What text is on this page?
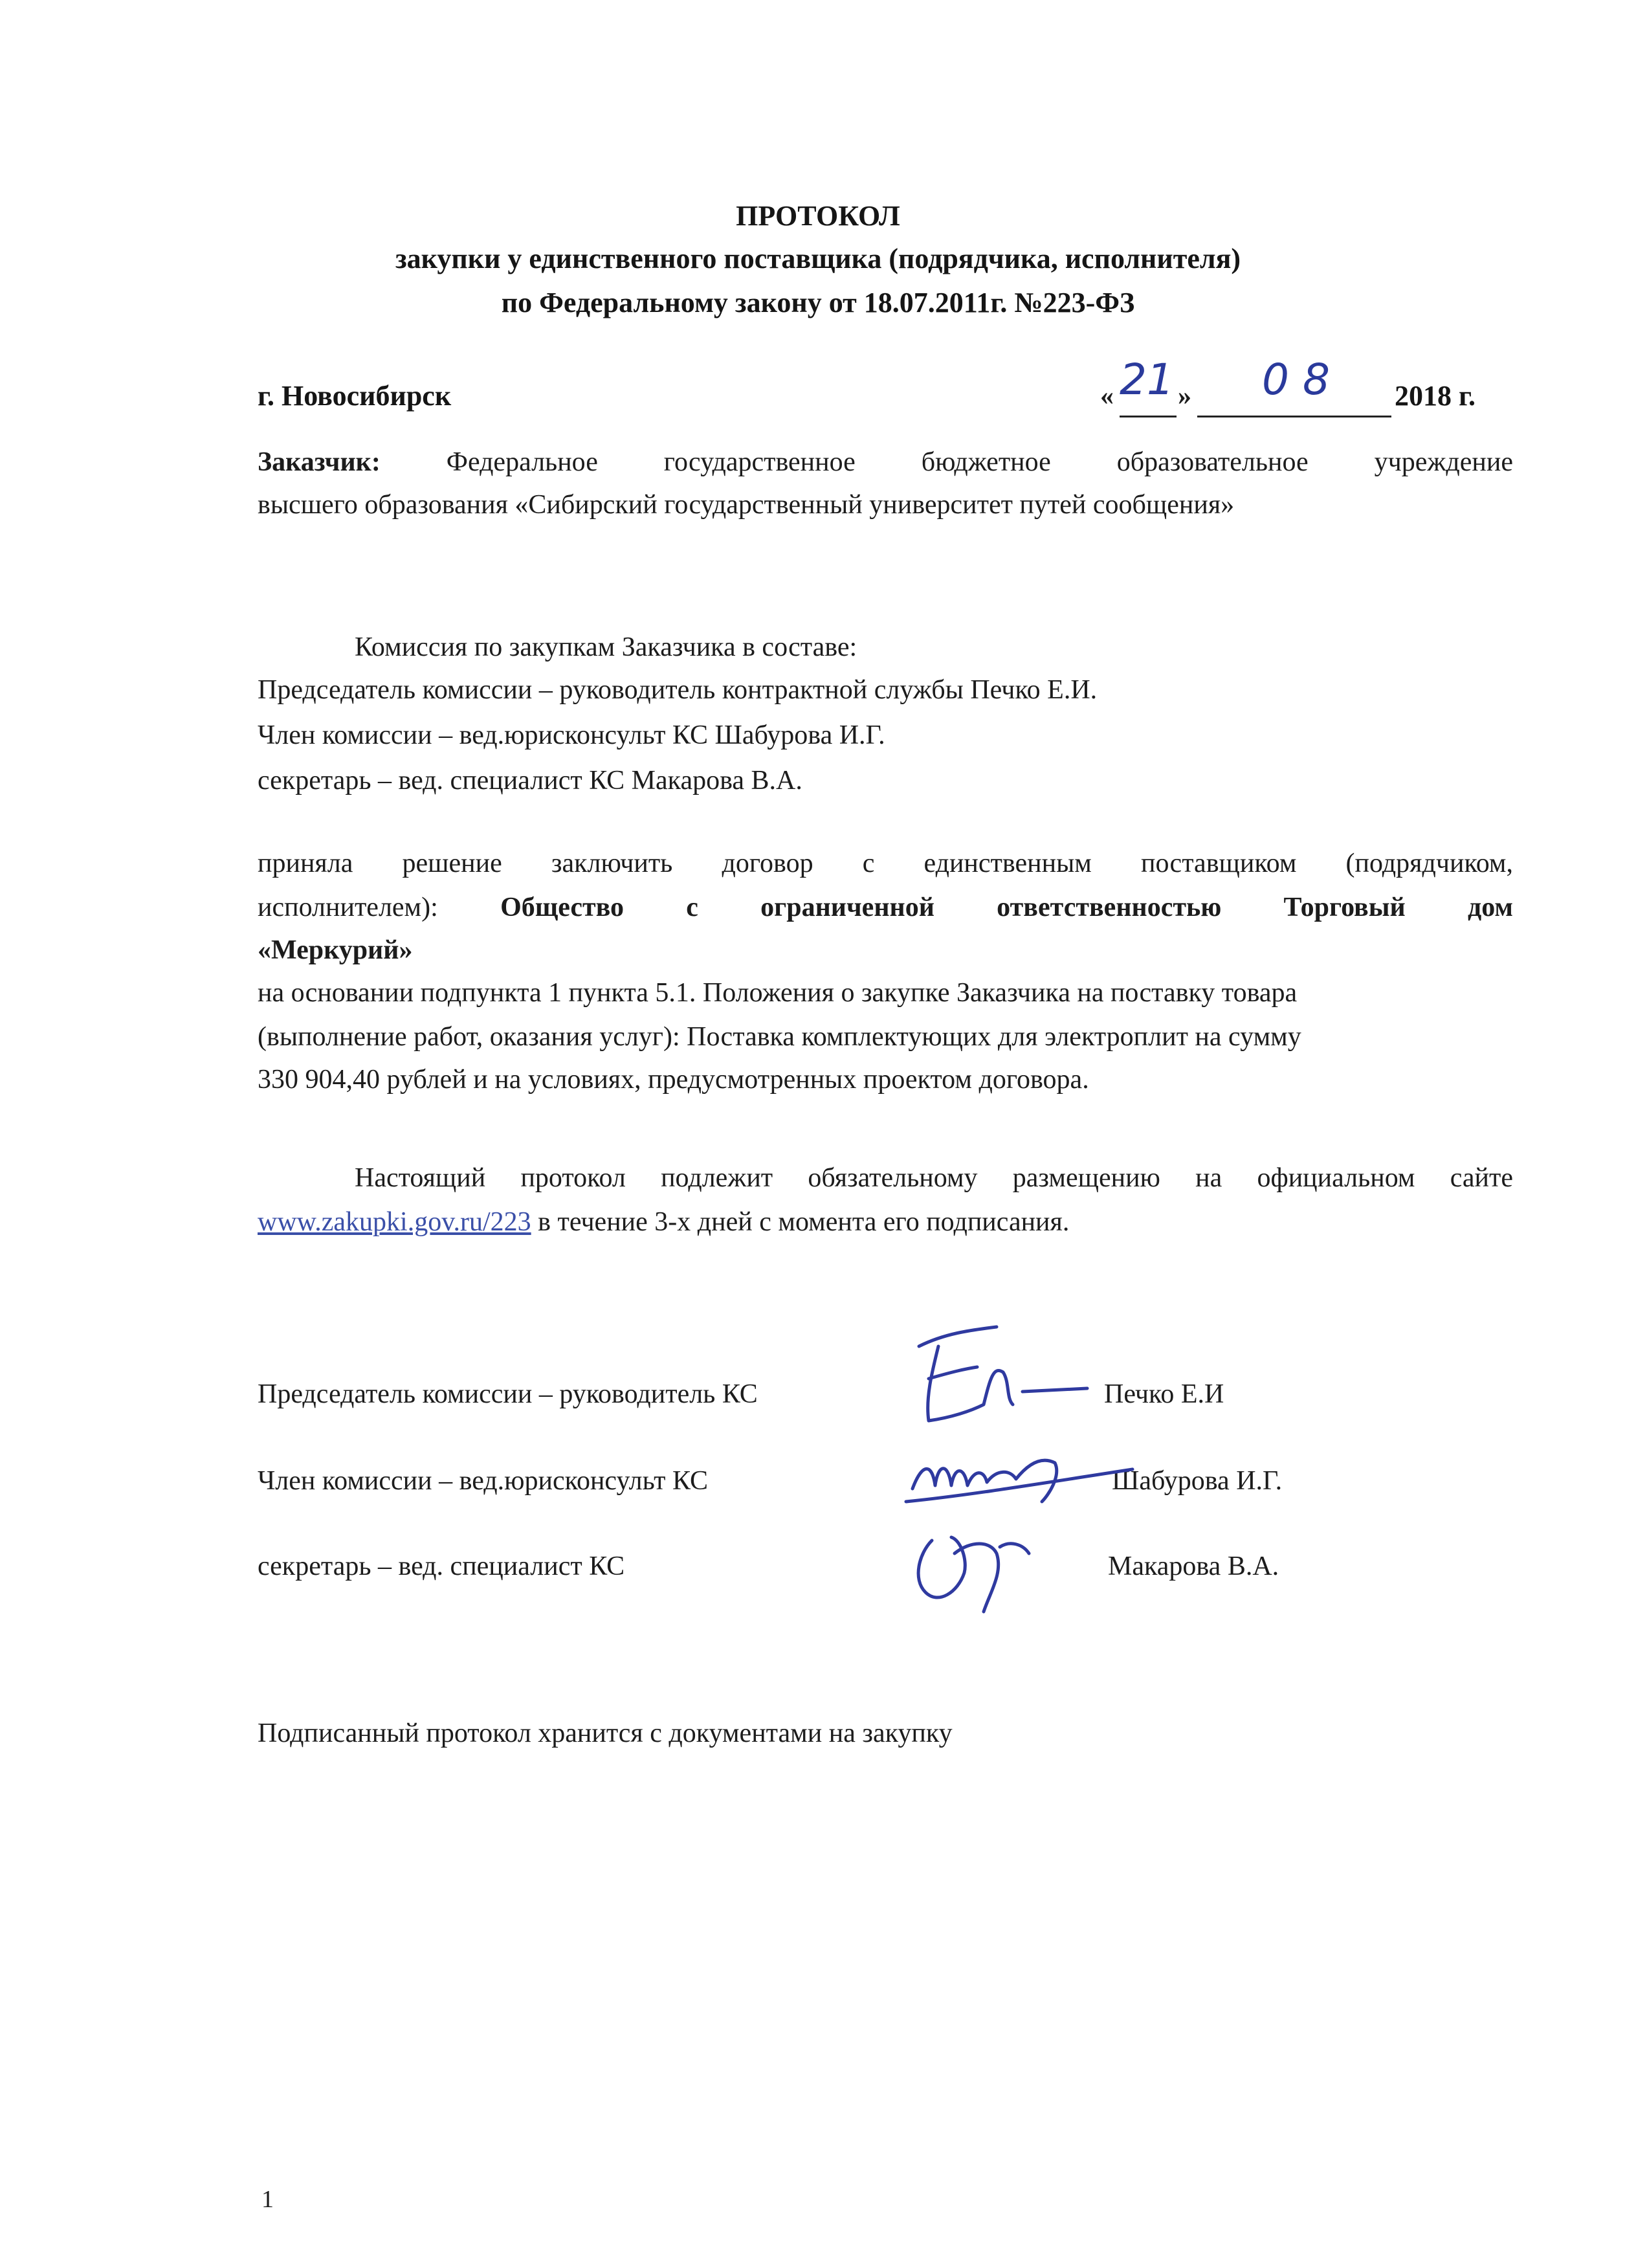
ПРОТОКОЛ
закупки у единственного поставщика (подрядчика, исполнителя)
по Федеральному закону от 18.07.2011г. №223-ФЗ
г. Новосибирск	« 21 » 0 8 2018 г.
Заказчик: Федеральное государственное бюджетное образовательное учреждение
высшего образования «Сибирский государственный университет путей сообщения»
Комиссия по закупкам Заказчика в составе:
Председатель комиссии – руководитель контрактной службы Печко Е.И.
Член комиссии – вед.юрисконсульт КС Шабурова И.Г.
секретарь – вед. специалист КС Макарова В.А.
приняла решение заключить договор с единственным поставщиком (подрядчиком,
исполнителем): Общество с ограниченной ответственностью Торговый дом
«Меркурий»
на основании подпункта 1 пункта 5.1. Положения о закупке Заказчика на поставку товара
(выполнение работ, оказания услуг): Поставка комплектующих для электроплит на сумму
330 904,40 рублей и на условиях, предусмотренных проектом договора.
Настоящий протокол подлежит обязательному размещению на официальном сайте
www.zakupki.gov.ru/223 в течение 3-х дней с момента его подписания.
Председатель комиссии – руководитель КС	Печко Е.И
Член комиссии – вед.юрисконсульт КС	Шабурова И.Г.
секретарь – вед. специалист КС	Макарова В.А.
Подписанный протокол хранится с документами на закупку
1
